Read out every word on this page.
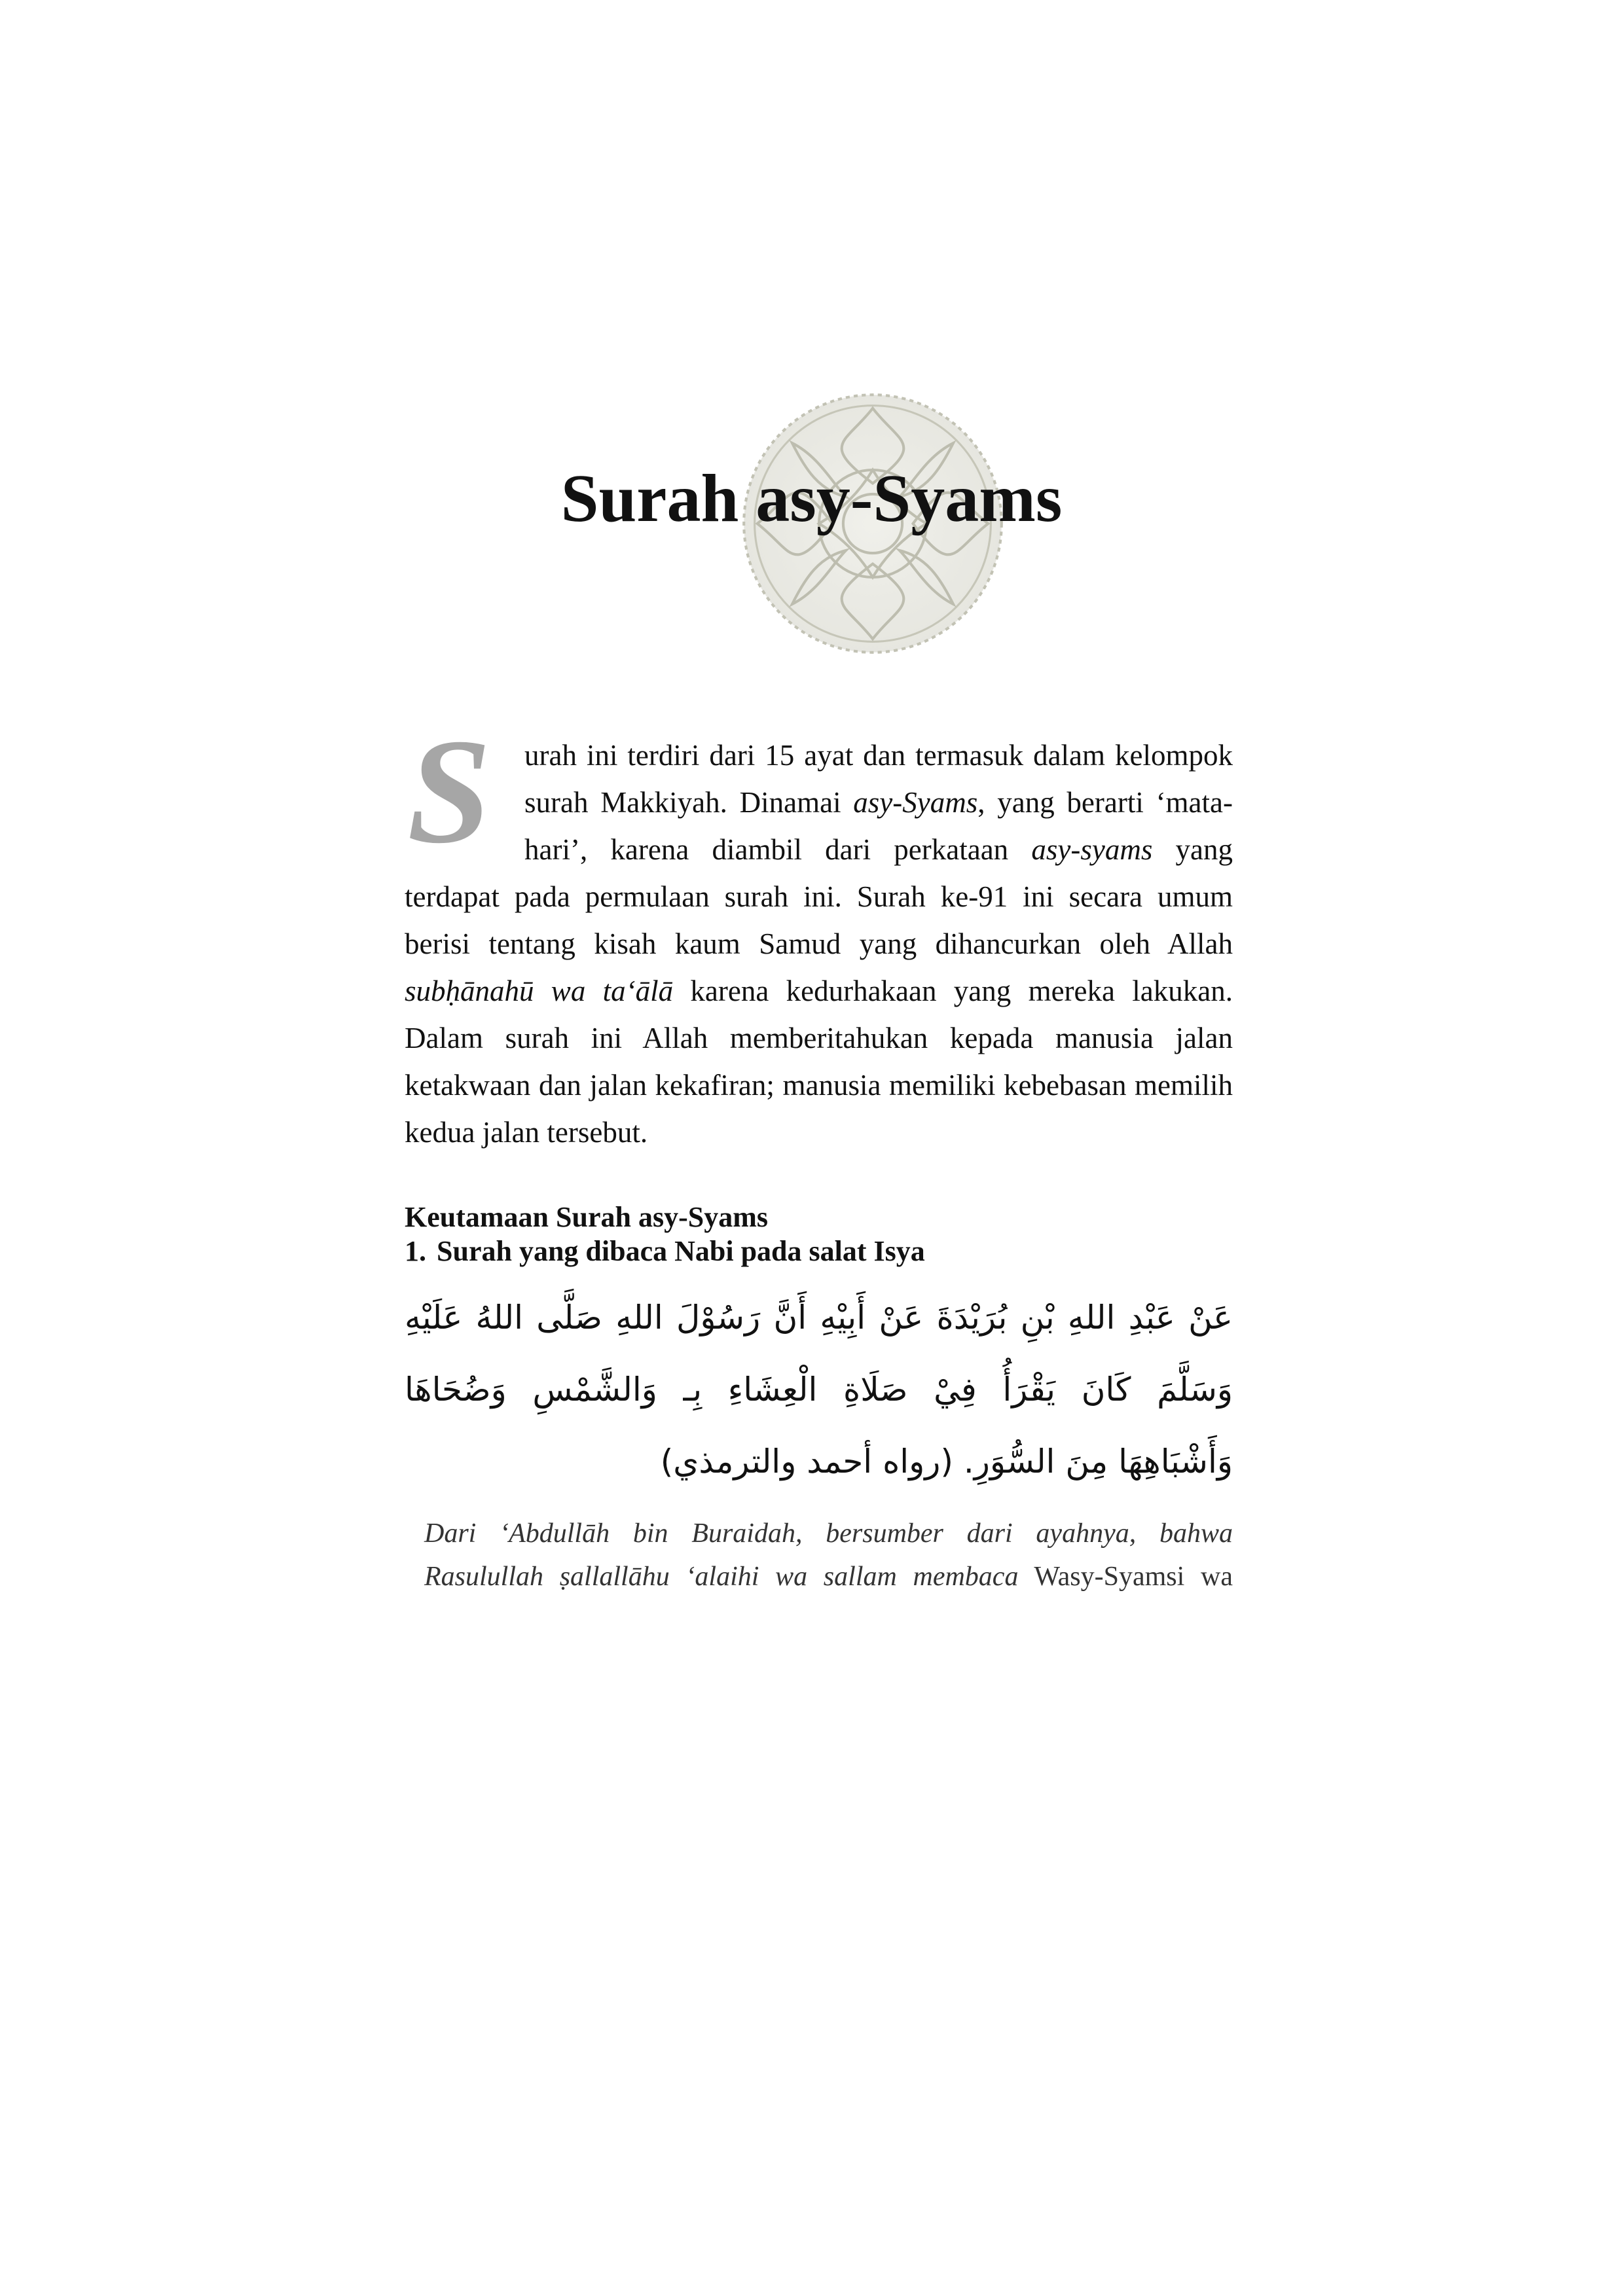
Surah asy-Syams

S urah ini terdiri dari 15 ayat dan termasuk dalam kelompok surah Makkiyah. Dinamai asy-Syams, yang berarti ‘mata-hari’, karena diambil dari perkataan asy-syams yang terdapat pada permulaan surah ini. Surah ke-91 ini secara umum berisi tentang kisah kaum Samud yang dihancurkan oleh Allah subḥānahū wa ta‘ālā karena kedurhakaan yang mereka lakukan. Dalam surah ini Allah memberitahukan kepada manusia jalan ketakwaan dan jalan kekafiran; manusia memiliki kebebasan memilih kedua jalan tersebut.

Keutamaan Surah asy-Syams

1. Surah yang dibaca Nabi pada salat Isya

عَنْ عَبْدِ اللهِ بْنِ بُرَيْدَةَ عَنْ أَبِيْهِ أَنَّ رَسُوْلَ اللهِ صَلَّى اللهُ عَلَيْهِ وَسَلَّمَ كَانَ يَقْرَأُ فِيْ صَلَاةِ الْعِشَاءِ بِـ وَالشَّمْسِ وَضُحَاهَا وَأَشْبَاهِهَا مِنَ السُّوَرِ. (رواه أحمد والترمذي)

Dari ‘Abdullāh bin Buraidah, bersumber dari ayahnya, bahwa Rasulullah ṣallallāhu ‘alaihi wa sallam membaca Wasy-Syamsi wa
